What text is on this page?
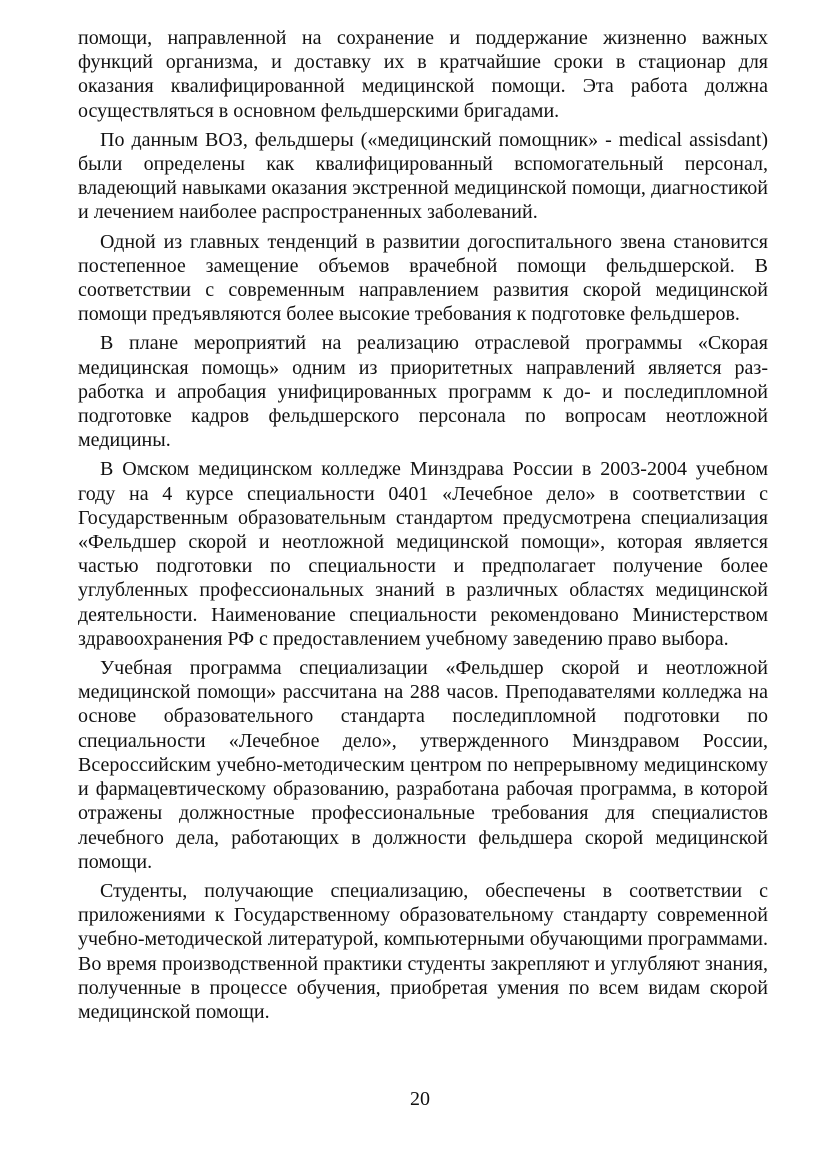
помощи, направленной на сохранение и поддержание жизненно важных функций организма, и доставку их в кратчайшие сроки в стационар для оказания квалифицированной медицинской помощи. Эта работа должна осуществляться в основном фельдшерскими бригадами.

По данным ВОЗ, фельдшеры («медицинский помощник» - medical assisdant) были определены как квалифицированный вспомогательный персонал, владеющий навыками оказания экстренной медицинской помощи, диагностикой и лечением наиболее распространенных заболеваний.

Одной из главных тенденций в развитии догоспитального звена становится постепенное замещение объемов врачебной помощи фельдшерской. В соответствии с современным направлением развития скорой медицинской помощи предъявляются более высокие требования к подготовке фельдшеров.

В плане мероприятий на реализацию отраслевой программы «Скорая медицинская помощь» одним из приоритетных направлений является разработка и апробация унифицированных программ к до- и последипломной подготовке кадров фельдшерского персонала по вопросам неотложной медицины.

В Омском медицинском колледже Минздрава России в 2003-2004 учебном году на 4 курсе специальности 0401 «Лечебное дело» в соответствии с Государственным образовательным стандартом предусмотрена специализация «Фельдшер скорой и неотложной медицинской помощи», которая является частью подготовки по специальности и предполагает получение более углубленных профессиональных знаний в различных областях медицинской деятельности. Наименование специальности рекомендовано Министерством здравоохранения РФ с предоставлением учебному заведению право выбора.

Учебная программа специализации «Фельдшер скорой и неотложной медицинской помощи» рассчитана на 288 часов. Преподавателями колледжа на основе образовательного стандарта последипломной подготовки по специальности «Лечебное дело», утвержденного Минздравом России, Всероссийским учебно-методическим центром по непрерывному медицинскому и фармацевтическому образованию, разработана рабочая программа, в которой отражены должностные профессиональные требования для специалистов лечебного дела, работающих в должности фельдшера скорой медицинской помощи.

Студенты, получающие специализацию, обеспечены в соответствии с приложениями к Государственному образовательному стандарту современной учебно-методической литературой, компьютерными обучающими программами. Во время производственной практики студенты закрепляют и углубляют знания, полученные в процессе обучения, приобретая умения по всем видам скорой медицинской помощи.

20
